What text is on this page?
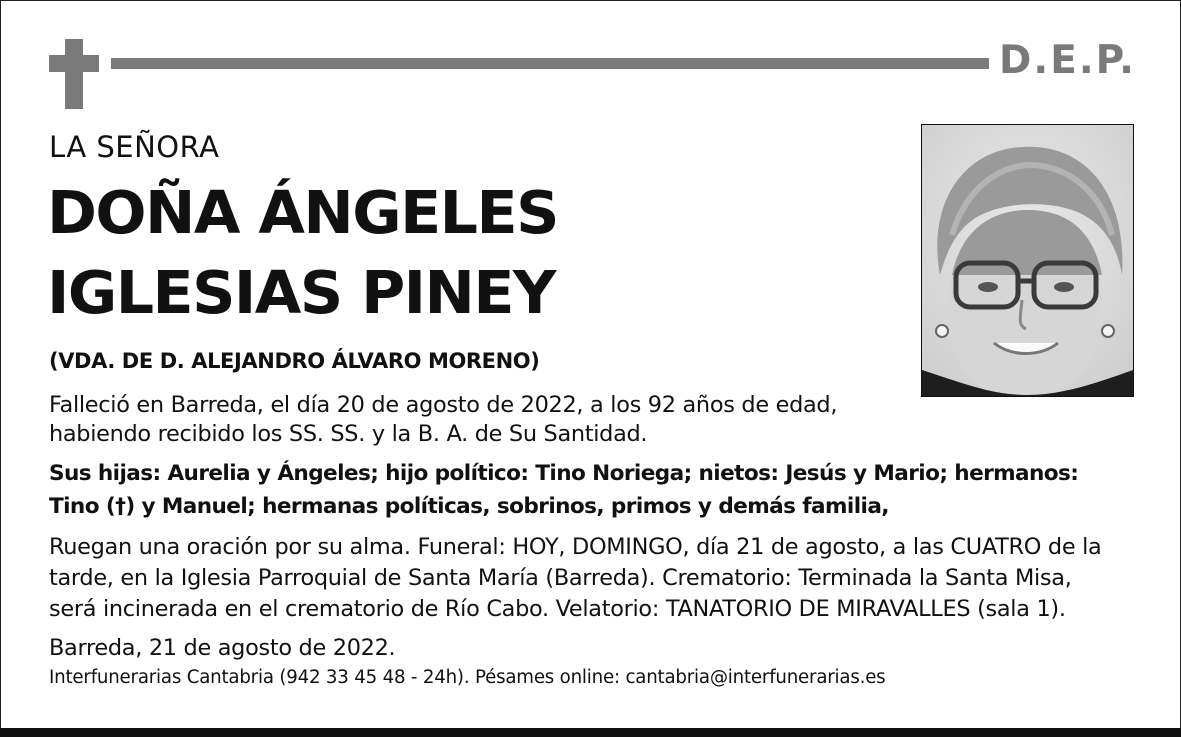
D.E.P.
LA SEÑORA
DOÑA ÁNGELES
IGLESIAS PINEY
(VDA. DE D. ALEJANDRO ÁLVARO MORENO)
Falleció en Barreda, el día 20 de agosto de 2022, a los 92 años de edad,
habiendo recibido los SS. SS. y la B. A. de Su Santidad.
Sus hijas: Aurelia y Ángeles; hijo político: Tino Noriega; nietos: Jesús y Mario; hermanos:
Tino (†) y Manuel; hermanas políticas, sobrinos, primos y demás familia,
Ruegan una oración por su alma. Funeral: HOY, DOMINGO, día 21 de agosto, a las CUATRO de la
tarde, en la Iglesia Parroquial de Santa María (Barreda). Crematorio: Terminada la Santa Misa,
será incinerada en el crematorio de Río Cabo. Velatorio: TANATORIO DE MIRAVALLES (sala 1).
Barreda, 21 de agosto de 2022.
Interfunerarias Cantabria (942 33 45 48 - 24h). Pésames online: cantabria@interfunerarias.es
